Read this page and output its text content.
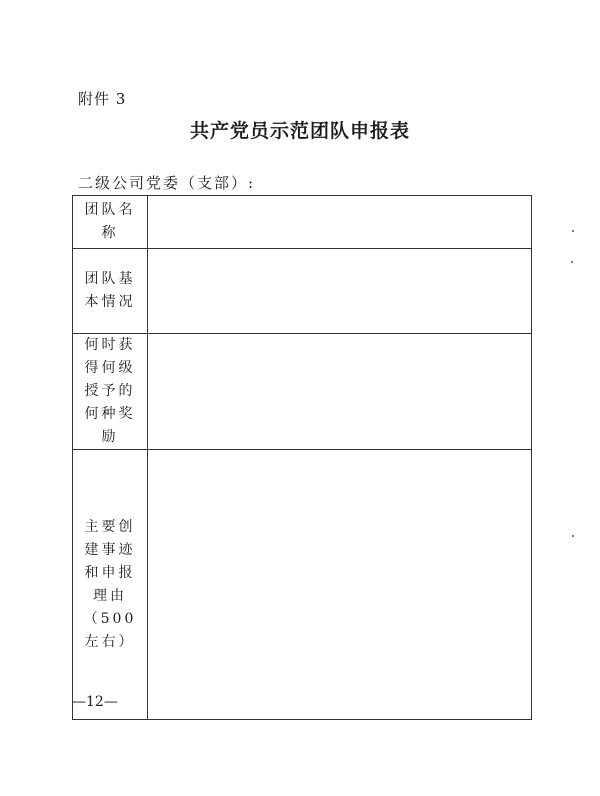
附件 3
共产党员示范团队申报表
二级公司党委（支部）:
团队名称	
团队基本情况	
何时获得何级授予的何种奖励	
主要创建事迹和申报理由（500左右）	
—12—
